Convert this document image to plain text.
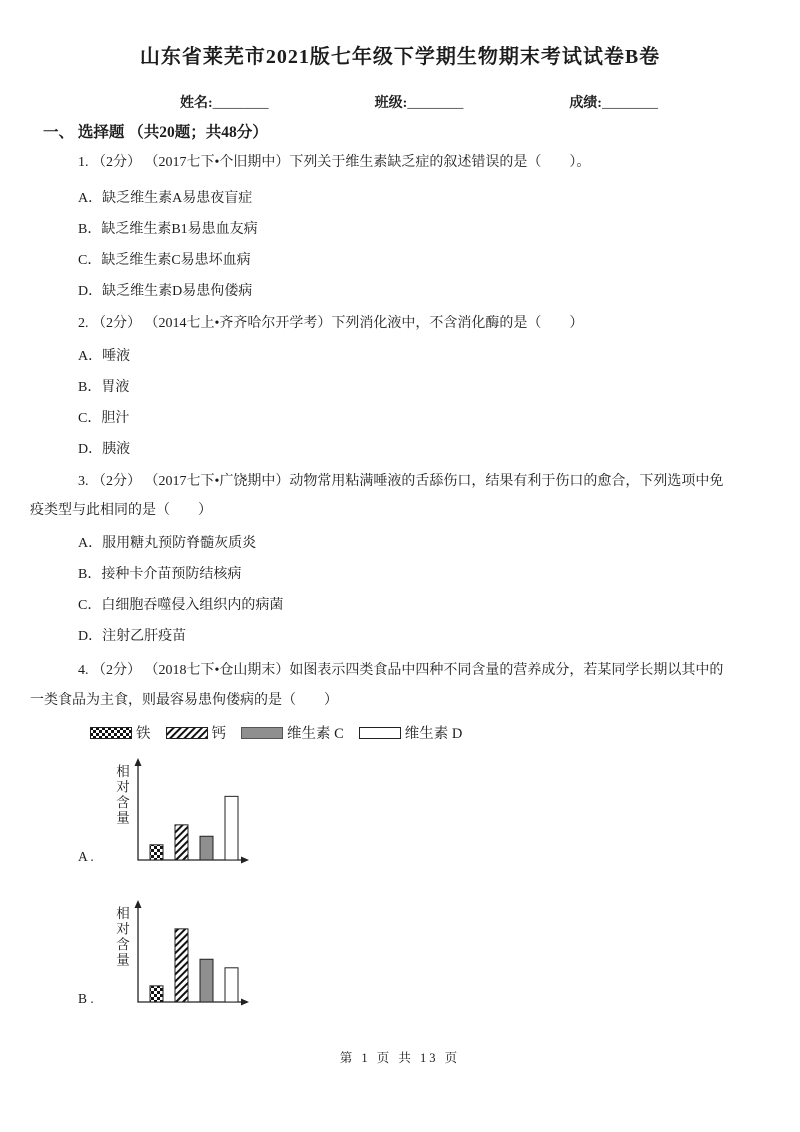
山东省莱芜市2021版七年级下学期生物期末考试试卷B卷
姓名:________	班级:________	成绩:________
一、 选择题 （共20题；共48分）
1. （2分） （2017七下•个旧期中）下列关于维生素缺乏症的叙述错误的是（　　）。
A．缺乏维生素A易患夜盲症
B．缺乏维生素B1易患血友病
C．缺乏维生素C易患坏血病
D．缺乏维生素D易患佝偻病
2. （2分） （2014七上•齐齐哈尔开学考）下列消化液中，不含消化酶的是（　　）
A．唾液
B．胃液
C．胆汁
D．胰液
3. （2分） （2017七下•广饶期中）动物常用粘满唾液的舌舔伤口，结果有利于伤口的愈合，下列选项中免
疫类型与此相同的是（　　）
A．服用糖丸预防脊髓灰质炎
B．接种卡介苗预防结核病
C．白细胞吞噬侵入组织内的病菌
D．注射乙肝疫苗
4. （2分） （2018七下•仓山期末）如图表示四类食品中四种不同含量的营养成分，若某同学长期以其中的
一类食品为主食，则最容易患佝偻病的是（　　）
铁	钙	维生素 C	维生素 D
A .
相对含量
B .
相对含量
第 1 页 共 13 页
